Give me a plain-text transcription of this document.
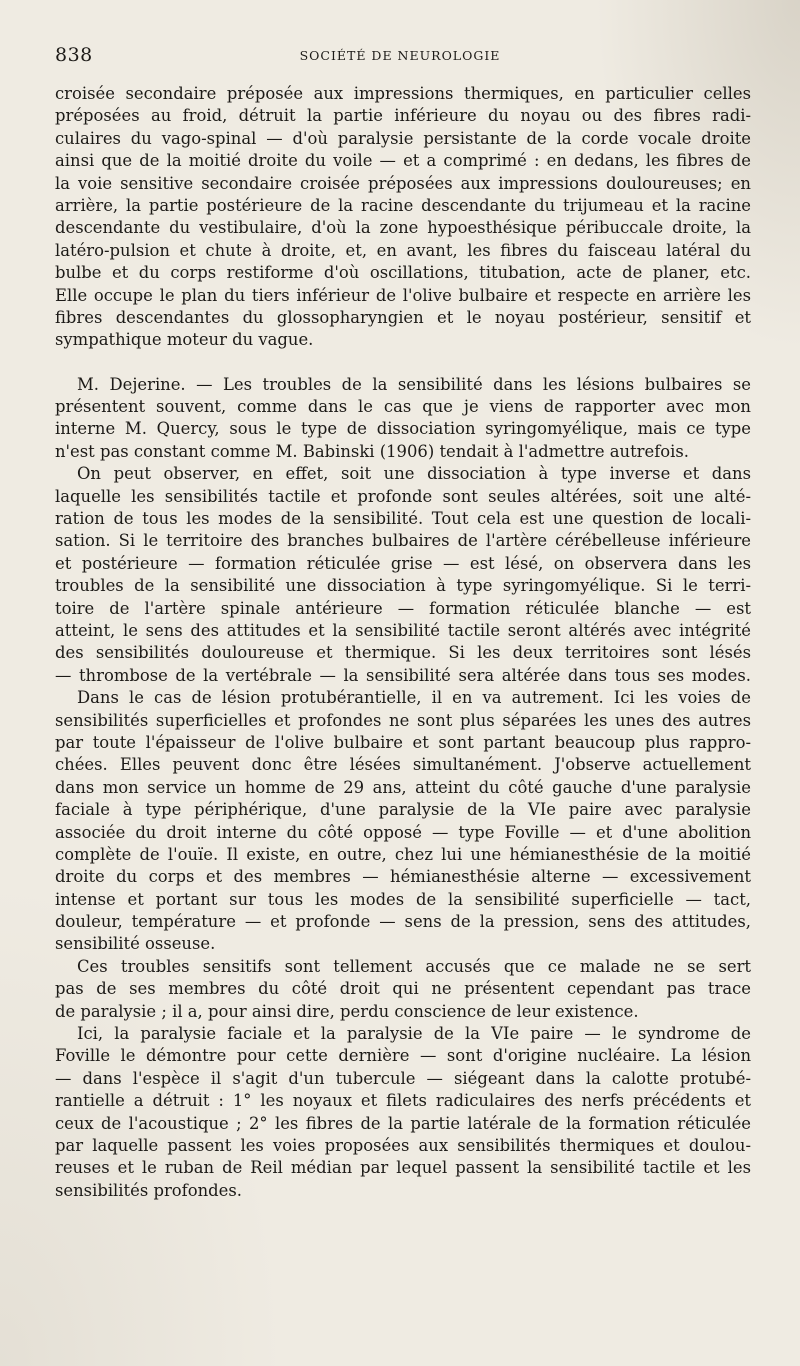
838	SOCIÉTÉ DE NEUROLOGIE
croisée secondaire préposée aux impressions thermiques, en particulier celles
préposées au froid, détruit la partie inférieure du noyau ou des fibres radi-
culaires du vago-spinal — d'où paralysie persistante de la corde vocale droite
ainsi que de la moitié droite du voile — et a comprimé : en dedans, les fibres de
la voie sensitive secondaire croisée préposées aux impressions douloureuses; en
arrière, la partie postérieure de la racine descendante du trijumeau et la racine
descendante du vestibulaire, d'où la zone hypoesthésique péribuccale droite, la
latéro-pulsion et chute à droite, et, en avant, les fibres du faisceau latéral du
bulbe et du corps restiforme d'où oscillations, titubation, acte de planer, etc.
Elle occupe le plan du tiers inférieur de l'olive bulbaire et respecte en arrière les
fibres descendantes du glossopharyngien et le noyau postérieur, sensitif et
sympathique moteur du vague.
M. Dejerine. — Les troubles de la sensibilité dans les lésions bulbaires se
présentent souvent, comme dans le cas que je viens de rapporter avec mon
interne M. Quercy, sous le type de dissociation syringomyélique, mais ce type
n'est pas constant comme M. Babinski (1906) tendait à l'admettre autrefois.
On peut observer, en effet, soit une dissociation à type inverse et dans
laquelle les sensibilités tactile et profonde sont seules altérées, soit une alté-
ration de tous les modes de la sensibilité. Tout cela est une question de locali-
sation. Si le territoire des branches bulbaires de l'artère cérébelleuse inférieure
et postérieure — formation réticulée grise — est lésé, on observera dans les
troubles de la sensibilité une dissociation à type syringomyélique. Si le terri-
toire de l'artère spinale antérieure — formation réticulée blanche — est
atteint, le sens des attitudes et la sensibilité tactile seront altérés avec intégrité
des sensibilités douloureuse et thermique. Si les deux territoires sont lésés
— thrombose de la vertébrale — la sensibilité sera altérée dans tous ses modes.
Dans le cas de lésion protubérantielle, il en va autrement. Ici les voies de
sensibilités superficielles et profondes ne sont plus séparées les unes des autres
par toute l'épaisseur de l'olive bulbaire et sont partant beaucoup plus rappro-
chées. Elles peuvent donc être lésées simultanément. J'observe actuellement
dans mon service un homme de 29 ans, atteint du côté gauche d'une paralysie
faciale à type périphérique, d'une paralysie de la VIe paire avec paralysie
associée du droit interne du côté opposé — type Foville — et d'une abolition
complète de l'ouïe. Il existe, en outre, chez lui une hémianesthésie de la moitié
droite du corps et des membres — hémianesthésie alterne — excessivement
intense et portant sur tous les modes de la sensibilité superficielle — tact,
douleur, température — et profonde — sens de la pression, sens des attitudes,
sensibilité osseuse.
Ces troubles sensitifs sont tellement accusés que ce malade ne se sert
pas de ses membres du côté droit qui ne présentent cependant pas trace
de paralysie ; il a, pour ainsi dire, perdu conscience de leur existence.
Ici, la paralysie faciale et la paralysie de la VIe paire — le syndrome de
Foville le démontre pour cette dernière — sont d'origine nucléaire. La lésion
— dans l'espèce il s'agit d'un tubercule — siégeant dans la calotte protubé-
rantielle a détruit : 1° les noyaux et filets radiculaires des nerfs précédents et
ceux de l'acoustique ; 2° les fibres de la partie latérale de la formation réticulée
par laquelle passent les voies proposées aux sensibilités thermiques et doulou-
reuses et le ruban de Reil médian par lequel passent la sensibilité tactile et les
sensibilités profondes.
